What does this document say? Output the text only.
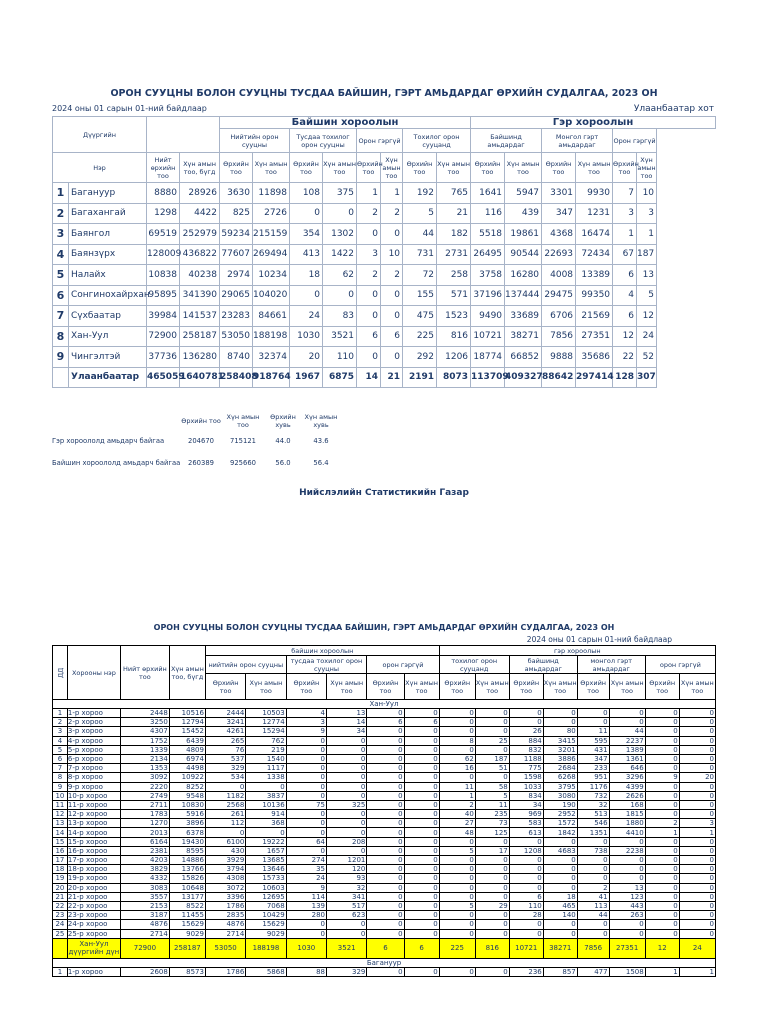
ОРОН СУУЦНЫ БОЛОН СУУЦНЫ ТУСДАА БАЙШИН, ГЭРТ АМЬДАРДАГ ӨРХИЙН СУДАЛГАА, 2023 ОН
2024 оны 01 сарын 01-ний байдлаар	Улаанбаатар хот
Дүүргийн				Байшин хороолын								Гэр хороолын					
				Нийтийн орон сууцны		Тусдаа тохилог орон сууцны		Орон гэргүй		Тохилог орон сууцанд		Байшинд амьдардаг		Монгол гэрт амьдардаг		Орон гэргүй	
Нэр		Нийт өрхийн тоо	Хүн амын тоо, бүгд	Өрхийн тоо	Хүн амын тоо	Өрхийн тоо	Хүн амын тоо	Өрхийн тоо	Хүн амын тоо	Өрхийн тоо	Хүн амын тоо	Өрхийн тоо	Хүн амын тоо	Өрхийн тоо	Хүн амын тоо	Өрхийн тоо	Хүн амын тоо
1	Багануур	8880	28926	3630	11898	108	375	1	1	192	765	1641	5947	3301	9930	7	10
2	Багахангай	1298	4422	825	2726	0	0	2	2	5	21	116	439	347	1231	3	3
3	Баянгол	69519	252979	59234	215159	354	1302	0	0	44	182	5518	19861	4368	16474	1	1
4	Баянзүрх	128009	436822	77607	269494	413	1422	3	10	731	2731	26495	90544	22693	72434	67	187
5	Налайх	10838	40238	2974	10234	18	62	2	2	72	258	3758	16280	4008	13389	6	13
6	Сонгинохайрхан	95895	341390	29065	104020	0	0	0	0	155	571	37196	137444	29475	99350	4	5
7	Сүхбаатар	39984	141537	23283	84661	24	83	0	0	475	1523	9490	33689	6706	21569	6	12
8	Хан-Уул	72900	258187	53050	188198	1030	3521	6	6	225	816	10721	38271	7856	27351	12	24
9	Чингэлтэй	37736	136280	8740	32374	20	110	0	0	292	1206	18774	66852	9888	35686	22	52
	Улаанбаатар	465059	1640781	258408	918764	1967	6875	14	21	2191	8073	113709	409327	88642	297414	128	307
	Өрхийн тоо	Хүн амын тоо	Өрхийн хувь	Хүн амын хувь
Гэр хороололд амьдарч байгаа	204670	715121	44.0	43.6
Байшин хороололд амьдарч байгаа	260389	925660	56.0	56.4
Нийслэлийн Статистикийн Газар
ОРОН СУУЦНЫ БОЛОН СУУЦНЫ ТУСДАА БАЙШИН, ГЭРТ АМЬДАРДАГ ӨРХИЙН СУДАЛГАА, 2023 ОН
2024 оны 01 сарын 01-ний байдлаар
ДД	Хорооны нэр	Нийт өрхийн тоо	Хүн амын тоо, бүгд	байшин хороолын						гэр хороолын							
				нийтийн орон сууцны		тусдаа тохилог орон сууцны		орон гэргүй		тохилог орон сууцанд		байшинд амьдардаг		монгол гэрт амьдардаг		орон гэргүй	
				Өрхийн тоо	Хүн амын тоо	Өрхийн тоо	Хүн амын тоо	Өрхийн тоо	Хүн амын тоо	Өрхийн тоо	Хүн амын тоо	Өрхийн тоо	Хүн амын тоо	Өрхийн тоо	Хүн амын тоо	Өрхийн тоо	Хүн амын тоо
Хан-Уул																	
1	1-р хороо	2448	10516	2444	10503	4	13	0	0	0	0	0	0	0	0	0	0
2	2-р хороо	3250	12794	3241	12774	3	14	6	6	0	0	0	0	0	0	0	0
3	3-р хороо	4307	15452	4261	15294	9	34	0	0	0	0	26	80	11	44	0	0
4	4-р хороо	1752	6439	265	762	0	0	0	0	8	25	884	3415	595	2237	0	0
5	5-р хороо	1339	4809	76	219	0	0	0	0	0	0	832	3201	431	1389	0	0
6	6-р хороо	2134	6974	537	1540	0	0	0	0	62	187	1188	3886	347	1361	0	0
7	7-р хороо	1353	4498	329	1117	0	0	0	0	16	51	775	2684	233	646	0	0
8	8-р хороо	3092	10922	534	1338	0	0	0	0	0	0	1598	6268	951	3296	9	20
9	9-р хороо	2220	8252	0	0	0	0	0	0	11	58	1033	3795	1176	4399	0	0
10	10-р хороо	2749	9548	1182	3837	0	0	0	0	1	5	834	3080	732	2626	0	0
11	11-р хороо	2711	10830	2568	10136	75	325	0	0	2	11	34	190	32	168	0	0
12	12-р хороо	1783	5916	261	914	0	0	0	0	40	235	969	2952	513	1815	0	0
13	13-р хороо	1270	3896	112	368	0	0	0	0	27	73	583	1572	546	1880	2	3
14	14-р хороо	2013	6378	0	0	0	0	0	0	48	125	613	1842	1351	4410	1	1
15	15-р хороо	6164	19430	6100	19222	64	208	0	0	0	0	0	0	0	0	0	0
16	16-р хороо	2381	8595	430	1657	0	0	0	0	5	17	1208	4683	738	2238	0	0
17	17-р хороо	4203	14886	3929	13685	274	1201	0	0	0	0	0	0	0	0	0	0
18	18-р хороо	3829	13766	3794	13646	35	120	0	0	0	0	0	0	0	0	0	0
19	19-р хороо	4332	15826	4308	15733	24	93	0	0	0	0	0	0	0	0	0	0
20	20-р хороо	3083	10648	3072	10603	9	32	0	0	0	0	0	0	2	13	0	0
21	21-р хороо	3557	13177	3396	12695	114	341	0	0	0	0	6	18	41	123	0	0
22	22-р хороо	2153	8522	1786	7068	139	517	0	0	5	29	110	465	113	443	0	0
23	23-р хороо	3187	11455	2835	10429	280	623	0	0	0	0	28	140	44	263	0	0
24	24-р хороо	4876	15629	4876	15629	0	0	0	0	0	0	0	0	0	0	0	0
25	25-р хороо	2714	9029	2714	9029	0	0	0	0	0	0	0	0	0	0	0	0
	Хан-Уул дүүргийн дүн	72900	258187	53050	188198	1030	3521	6	6	225	816	10721	38271	7856	27351	12	24
Багануур																	
1	1-р хороо	2608	8573	1786	5868	88	329	0	0	0	0	236	857	477	1508	1	1
